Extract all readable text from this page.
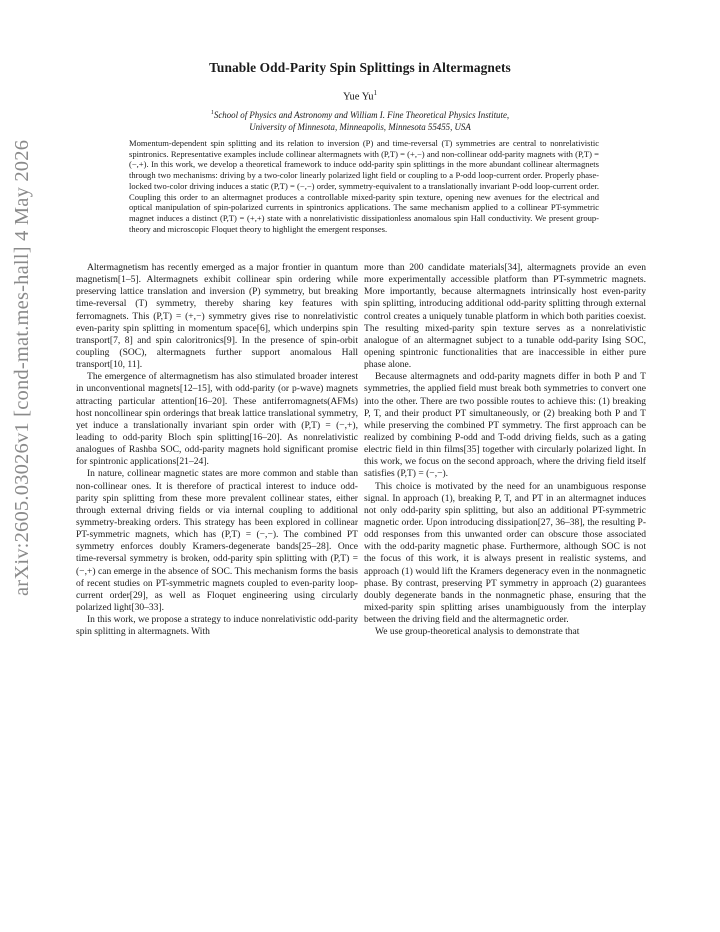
arXiv:2605.03026v1 [cond-mat.mes-hall] 4 May 2026
Tunable Odd-Parity Spin Splittings in Altermagnets
Yue Yu$^1$
$^1$School of Physics and Astronomy and William I. Fine Theoretical Physics Institute,
University of Minnesota, Minneapolis, Minnesota 55455, USA
Momentum-dependent spin splitting and its relation to inversion (P) and time-reversal (T) symmetries are central to nonrelativistic spintronics. Representative examples include collinear altermagnets with (P,T) = (+,−) and non-collinear odd-parity magnets with (P,T) = (−,+). In this work, we develop a theoretical framework to induce odd-parity spin splittings in the more abundant collinear altermagnets through two mechanisms: driving by a two-color linearly polarized light field or coupling to a P-odd loop-current order. Properly phase-locked two-color driving induces a static (P,T) = (−,−) order, symmetry-equivalent to a translationally invariant P-odd loop-current order. Coupling this order to an altermagnet produces a controllable mixed-parity spin texture, opening new avenues for the electrical and optical manipulation of spin-polarized currents in spintronics applications. The same mechanism applied to a collinear PT-symmetric magnet induces a distinct (P,T) = (+,+) state with a nonrelativistic dissipationless anomalous spin Hall conductivity. We present group-theory and microscopic Floquet theory to highlight the emergent responses.

Altermagnetism has recently emerged as a major frontier in quantum magnetism[1–5]. Altermagnets exhibit collinear spin ordering while preserving lattice translation and inversion (P) symmetry, but breaking time-reversal (T) symmetry, thereby sharing key features with ferromagnets. This (P,T) = (+,−) symmetry gives rise to nonrelativistic even-parity spin splitting in momentum space[6], which underpins spin transport[7, 8] and spin caloritronics[9]. In the presence of spin-orbit coupling (SOC), altermagnets further support anomalous Hall transport[10, 11].

The emergence of altermagnetism has also stimulated broader interest in unconventional magnets[12–15], with odd-parity (or p-wave) magnets attracting particular attention[16–20]. These antiferromagnets(AFMs) host noncollinear spin orderings that break lattice translational symmetry, yet induce a translationally invariant spin order with (P,T) = (−,+), leading to odd-parity Bloch spin splitting[16–20]. As nonrelativistic analogues of Rashba SOC, odd-parity magnets hold significant promise for spintronic applications[21–24].

In nature, collinear magnetic states are more common and stable than non-collinear ones. It is therefore of practical interest to induce odd-parity spin splitting from these more prevalent collinear states, either through external driving fields or via internal coupling to additional symmetry-breaking orders. This strategy has been explored in collinear PT-symmetric magnets, which has (P,T) = (−,−). The combined PT symmetry enforces doubly Kramers-degenerate bands[25–28]. Once time-reversal symmetry is broken, odd-parity spin splitting with (P,T) = (−,+) can emerge in the absence of SOC. This mechanism forms the basis of recent studies on PT-symmetric magnets coupled to even-parity loop-current order[29], as well as Floquet engineering using circularly polarized light[30–33].

In this work, we propose a strategy to induce nonrelativistic odd-parity spin splitting in altermagnets. With

more than 200 candidate materials[34], altermagnets provide an even more experimentally accessible platform than PT-symmetric magnets. More importantly, because altermagnets intrinsically host even-parity spin splitting, introducing additional odd-parity splitting through external control creates a uniquely tunable platform in which both parities coexist. The resulting mixed-parity spin texture serves as a nonrelativistic analogue of an altermagnet subject to a tunable odd-parity Ising SOC, opening spintronic functionalities that are inaccessible in either pure phase alone.

Because altermagnets and odd-parity magnets differ in both P and T symmetries, the applied field must break both symmetries to convert one into the other. There are two possible routes to achieve this: (1) breaking P, T, and their product PT simultaneously, or (2) breaking both P and T while preserving the combined PT symmetry. The first approach can be realized by combining P-odd and T-odd driving fields, such as a gating electric field in thin films[35] together with circularly polarized light. In this work, we focus on the second approach, where the driving field itself satisfies (P,T) = (−,−).

This choice is motivated by the need for an unambiguous response signal. In approach (1), breaking P, T, and PT in an altermagnet induces not only odd-parity spin splitting, but also an additional PT-symmetric magnetic order. Upon introducing dissipation[27, 36–38], the resulting P-odd responses from this unwanted order can obscure those associated with the odd-parity magnetic phase. Furthermore, although SOC is not the focus of this work, it is always present in realistic systems, and approach (1) would lift the Kramers degeneracy even in the nonmagnetic phase. By contrast, preserving PT symmetry in approach (2) guarantees doubly degenerate bands in the nonmagnetic phase, ensuring that the mixed-parity spin splitting arises unambiguously from the interplay between the driving field and the altermagnetic order.

We use group-theoretical analysis to demonstrate that
